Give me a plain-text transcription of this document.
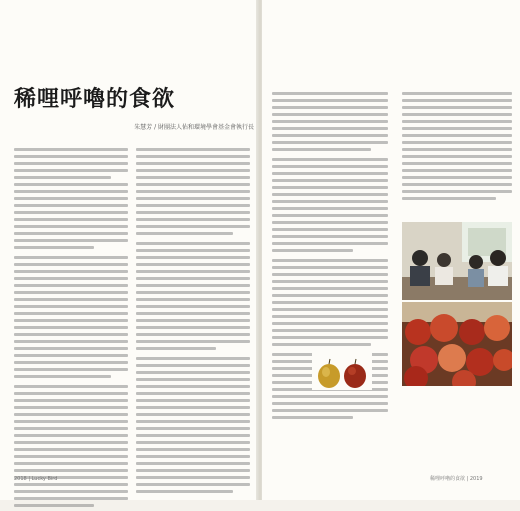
稀哩呼嚕的食欲
朱慧芳 / 財團法人佑和環境學會基金會執行長
2018 | Lucky Bird	稀哩呼嚕的食欲 | 2019
